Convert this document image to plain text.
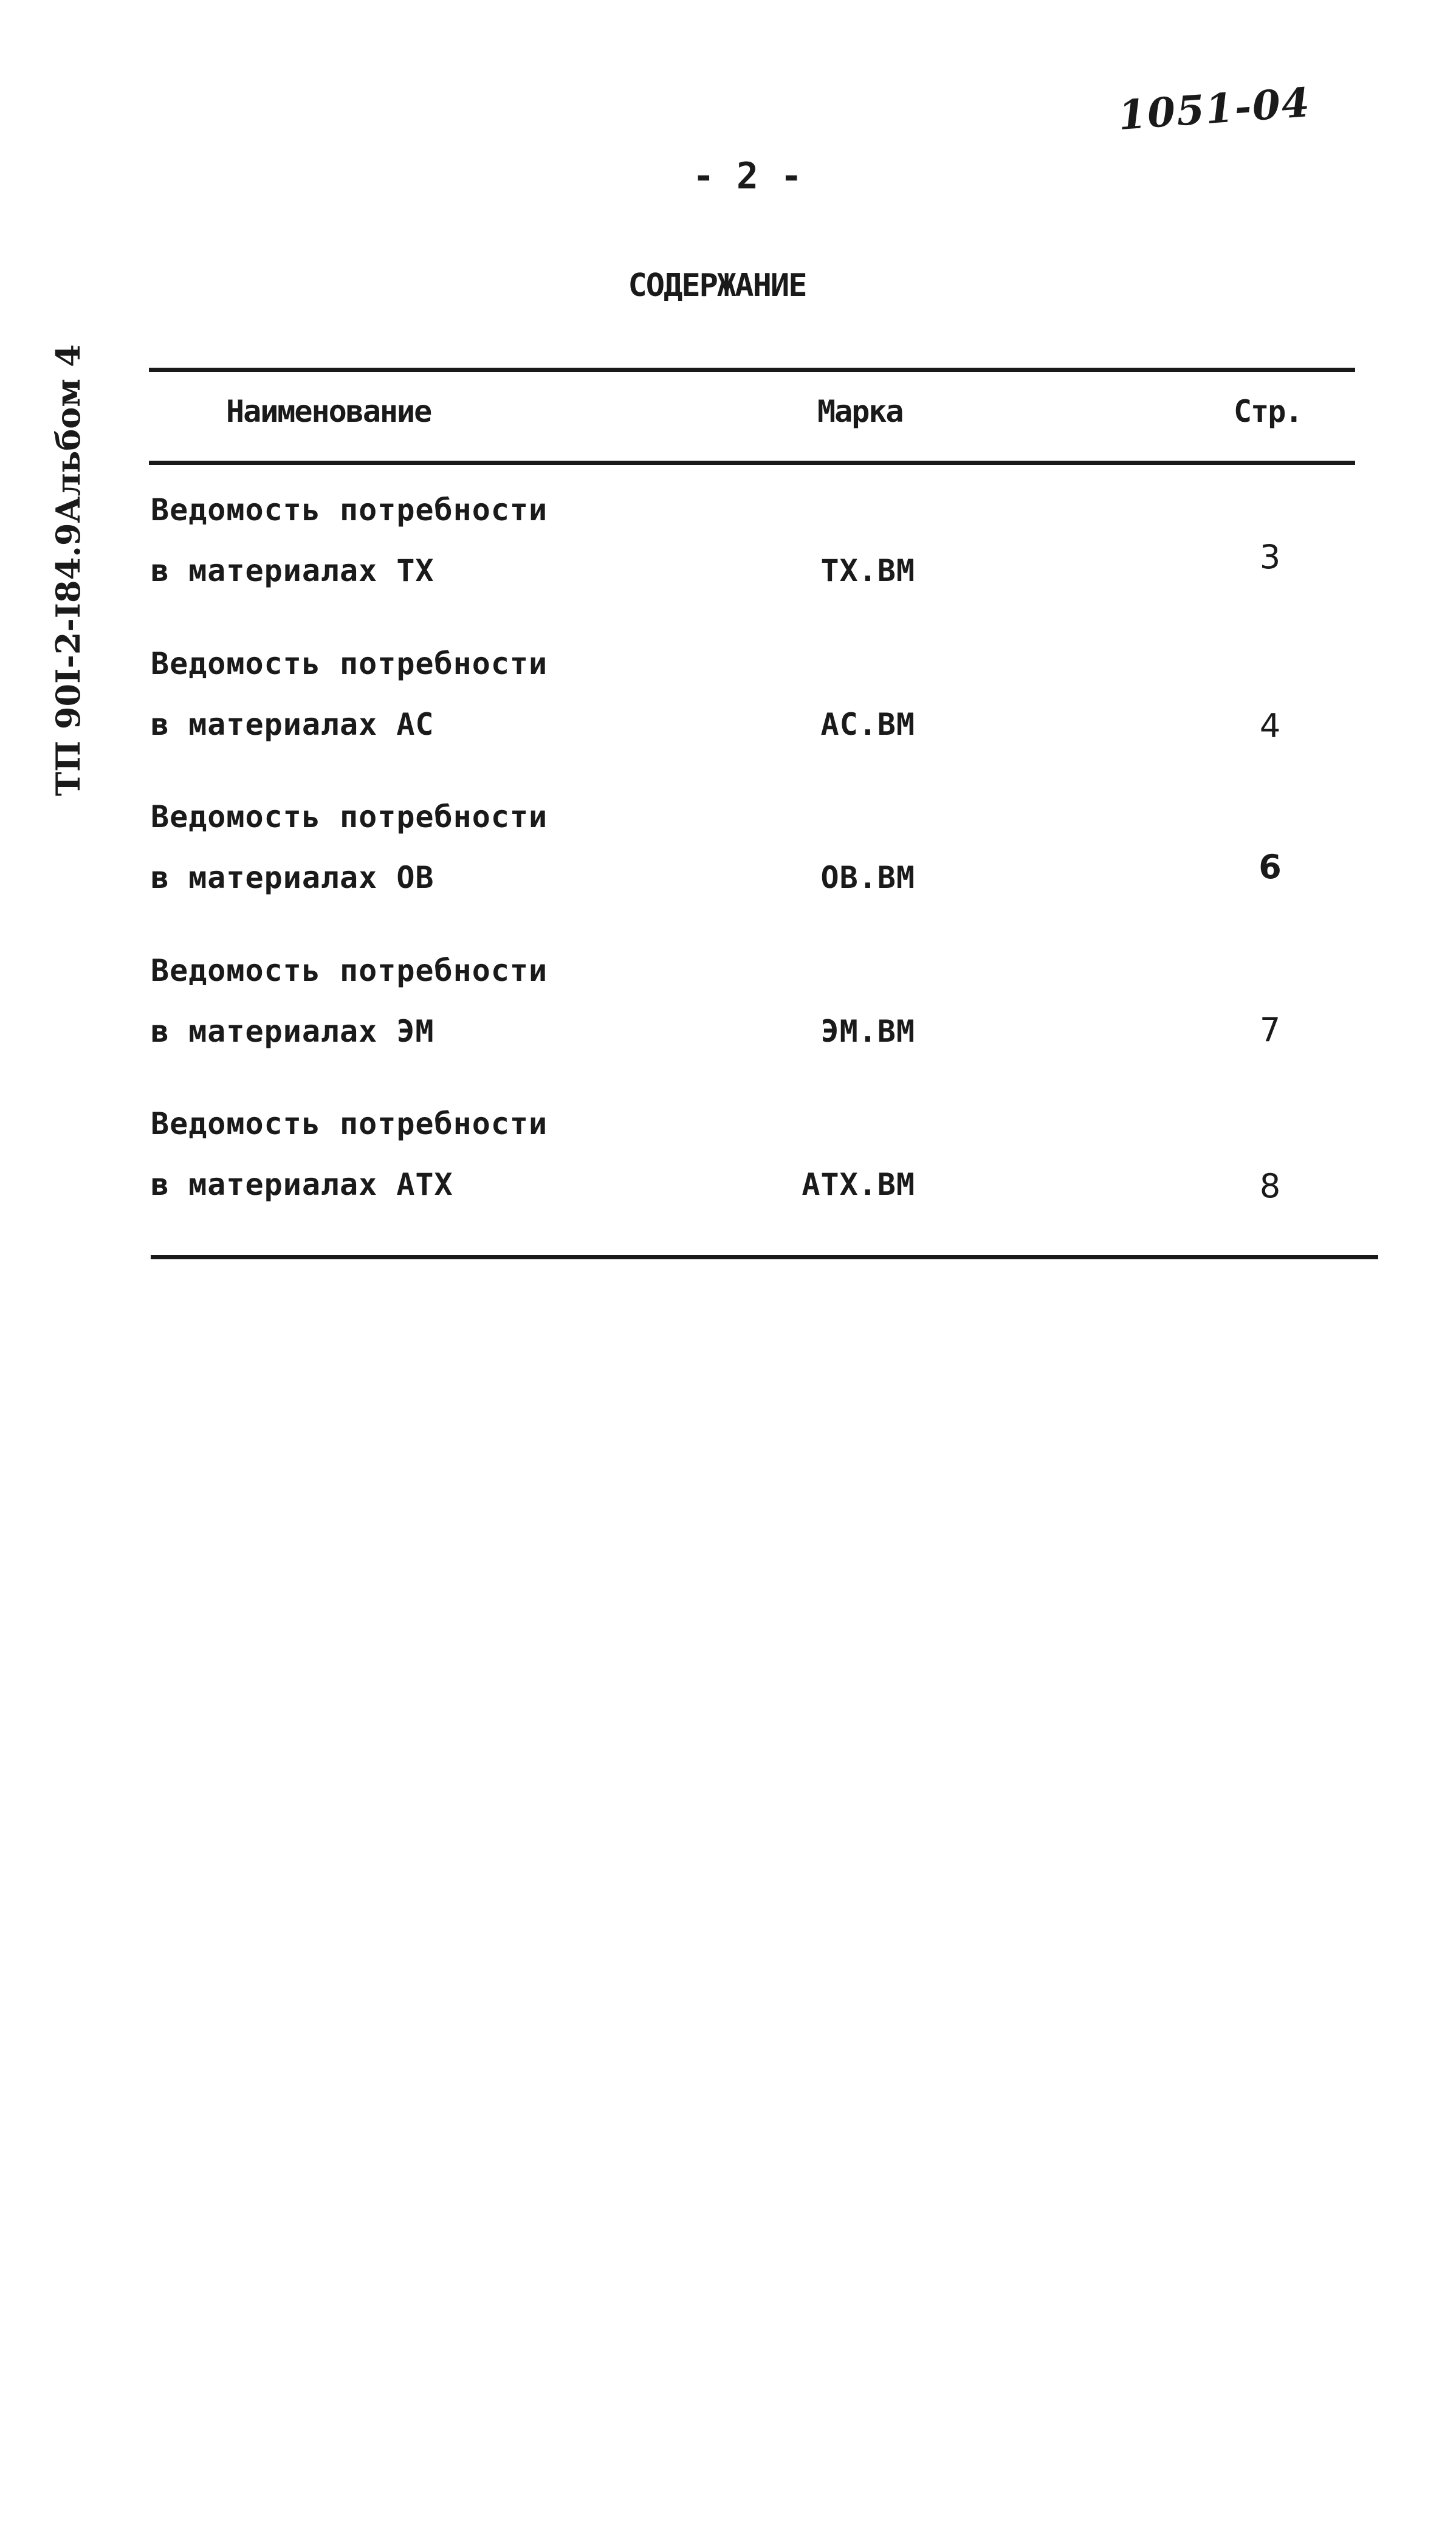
1051-04
- 2 -
СОДЕРЖАНИЕ
ТП 90I-2-I84.9Альбом 4	Наименование	Марка	Стр.
Ведомость потребности
в материалах ТХ	ТХ.ВМ	3
Ведомость потребности
в материалах АС	АС.ВМ	4
Ведомость потребности
в материалах ОВ	ОВ.ВМ	6
Ведомость потребности
в материалах ЭМ	ЭМ.ВМ	7
Ведомость потребности
в материалах АТХ	АТХ.ВМ	8
